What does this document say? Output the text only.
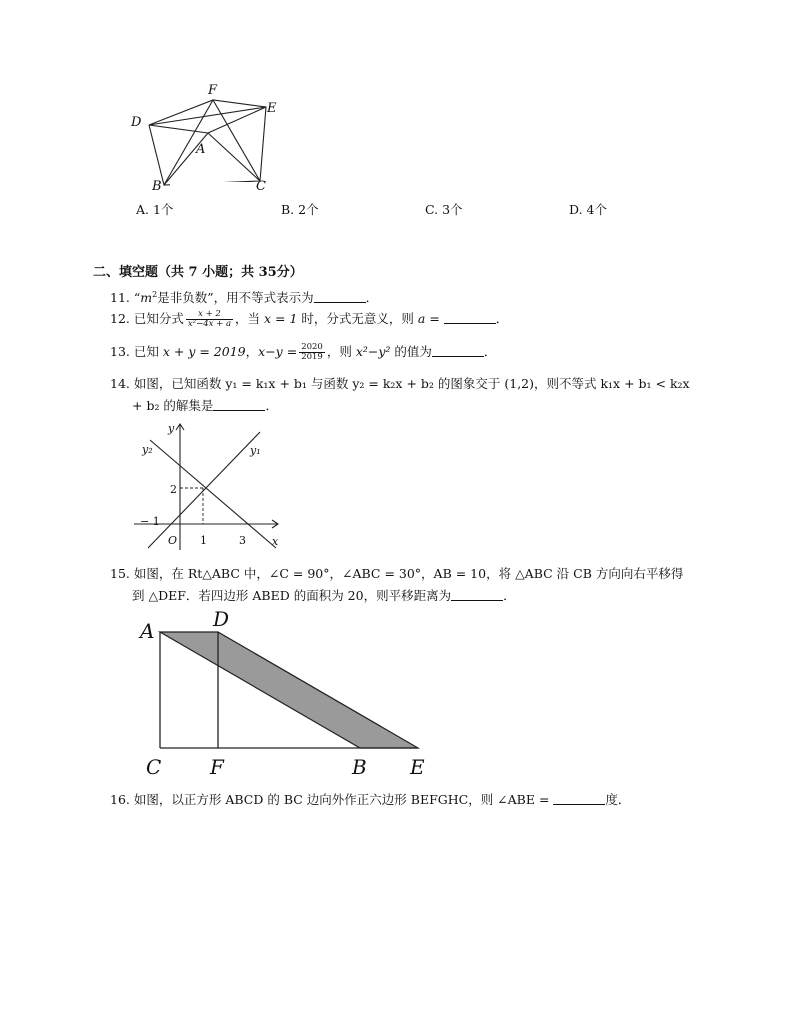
D
F
E
A
B	C
A. 1个	B. 2个	C. 3个	D. 4个
二、填空题（共 7 小题；共 35分）
11. “$m^2$是非负数”，用不等式表示为	．
12. 已知分式 $\frac{x + 2}{\text{x²−4x + a}}$ ，当 x = 1 时，分式无意义，则 a =	．
13. 已知 x + y = 2019，$x-y = \frac{2020}{2019}$ ，则 x²−y² 的值为	．
14. 如图，已知函数 y₁ = k₁x + b₁ 与函数 y₂ = k₂x + b₂ 的图象交于 (1,2)，则不等式 k₁x + b₁ < k₂x
+ b₂ 的解集是	．
y
x
O
y₂	y₁
2
− 1
1	3
15. 如图，在 Rt△ABC 中，∠C = 90°，∠ABC = 30°，AB = 10，将 △ABC 沿 CB 方向向右平移得
到 △DEF．若四边形 ABED 的面积为 20，则平移距离为	．
A	D
C F	B E
16. 如图，以正方形 ABCD 的 BC 边向外作正六边形 BEFGHC，则 ∠ABE =	度．
